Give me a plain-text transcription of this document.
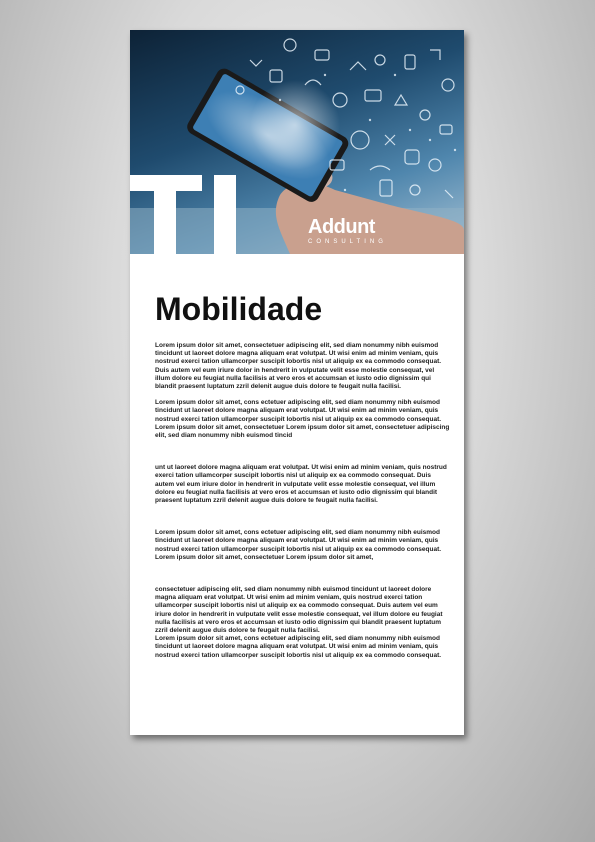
Addunt
CONSULTING
Mobilidade

Lorem ipsum dolor sit amet, consectetuer adipiscing elit, sed diam nonummy nibh euismod tincidunt ut laoreet dolore magna aliquam erat volutpat. Ut wisi enim ad minim veniam, quis nostrud exerci tation ullamcorper suscipit lobortis nisl ut aliquip ex ea commodo consequat. Duis autem vel eum iriure dolor in hendrerit in vulputate velit esse molestie consequat, vel illum dolore eu feugiat nulla facilisis at vero eros et accumsan et iusto odio dignissim qui blandit praesent luptatum zzril delenit augue duis dolore te feugait nulla facilisi.

Lorem ipsum dolor sit amet, cons ectetuer adipiscing elit, sed diam nonummy nibh euismod tincidunt ut laoreet dolore magna aliquam erat volutpat. Ut wisi enim ad minim veniam, quis nostrud exerci tation ullamcorper suscipit lobortis nisl ut aliquip ex ea commodo consequat.

Lorem ipsum dolor sit amet, consectetuer Lorem ipsum dolor sit amet, consectetuer adipiscing elit, sed diam nonummy nibh euismod tincid

unt ut laoreet dolore magna aliquam erat volutpat. Ut wisi enim ad minim veniam, quis nostrud exerci tation ullamcorper suscipit lobortis nisl ut aliquip ex ea commodo consequat. Duis autem vel eum iriure dolor in hendrerit in vulputate velit esse molestie consequat, vel illum dolore eu feugiat nulla facilisis at vero eros et accumsan et iusto odio dignissim qui blandit praesent luptatum zzril delenit augue duis dolore te feugait nulla facilisi.

Lorem ipsum dolor sit amet, cons ectetuer adipiscing elit, sed diam nonummy nibh euismod tincidunt ut laoreet dolore magna aliquam erat volutpat. Ut wisi enim ad minim veniam, quis nostrud exerci tation ullamcorper suscipit lobortis nisl ut aliquip ex ea commodo consequat.

Lorem ipsum dolor sit amet, consectetuer Lorem ipsum dolor sit amet,

consectetuer adipiscing elit, sed diam nonummy nibh euismod tincidunt ut laoreet dolore magna aliquam erat volutpat. Ut wisi enim ad minim veniam, quis nostrud exerci tation ullamcorper suscipit lobortis nisl ut aliquip ex ea commodo consequat. Duis autem vel eum iriure dolor in hendrerit in vulputate velit esse molestie consequat, vel illum dolore eu feugiat nulla facilisis at vero eros et accumsan et iusto odio dignissim qui blandit praesent luptatum zzril delenit augue duis dolore te feugait nulla facilisi.

Lorem ipsum dolor sit amet, cons ectetuer adipiscing elit, sed diam nonummy nibh euismod tincidunt ut laoreet dolore magna aliquam erat volutpat. Ut wisi enim ad minim veniam, quis nostrud exerci tation ullamcorper suscipit lobortis nisl ut aliquip ex ea commodo consequat.
